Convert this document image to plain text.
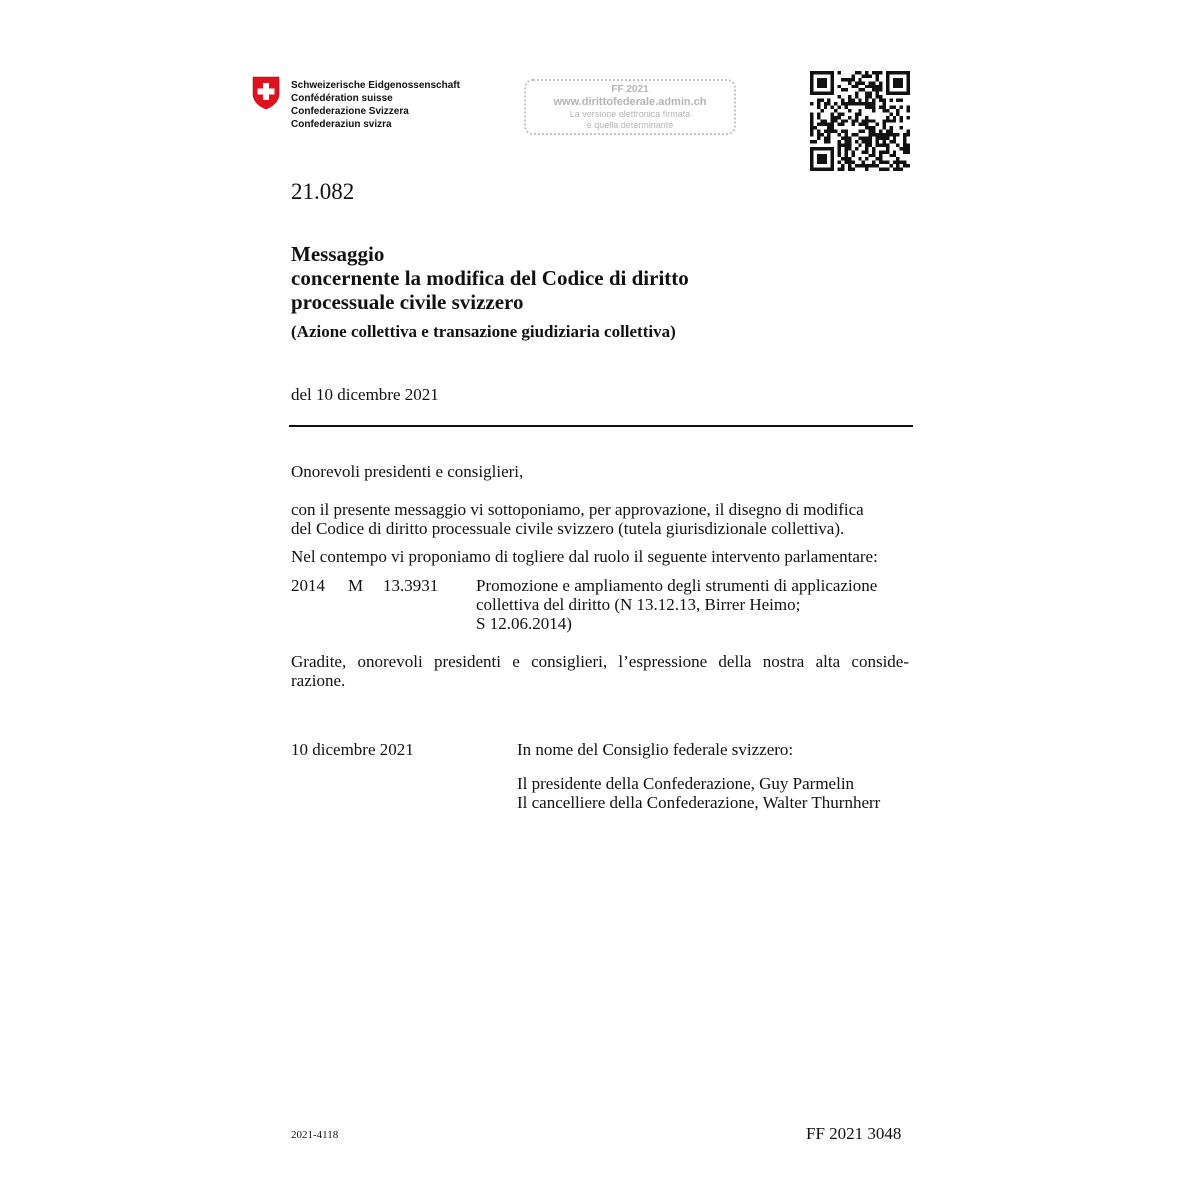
Schweizerische Eidgenossenschaft
Confédération suisse
Confederazione Svizzera
Confederaziun svizra
FF 2021
www.dirittofederale.admin.ch
La versione elettronica firmata
è quella determinante
21.082
Messaggio
concernente la modifica del Codice di diritto
processuale civile svizzero
(Azione collettiva e transazione giudiziaria collettiva)
del 10 dicembre 2021
Onorevoli presidenti e consiglieri,
con il presente messaggio vi sottoponiamo, per approvazione, il disegno di modifica
del Codice di diritto processuale civile svizzero (tutela giurisdizionale collettiva).
Nel contempo vi proponiamo di togliere dal ruolo il seguente intervento parlamentare:
2014 M 13.3931 Promozione e ampliamento degli strumenti di applicazione
collettiva del diritto (N 13.12.13, Birrer Heimo;
S 12.06.2014)
Gradite, onorevoli presidenti e consiglieri, l’espressione della nostra alta conside-
razione.
10 dicembre 2021	In nome del Consiglio federale svizzero:
Il presidente della Confederazione, Guy Parmelin
Il cancelliere della Confederazione, Walter Thurnherr
2021-4118	FF 2021 3048
